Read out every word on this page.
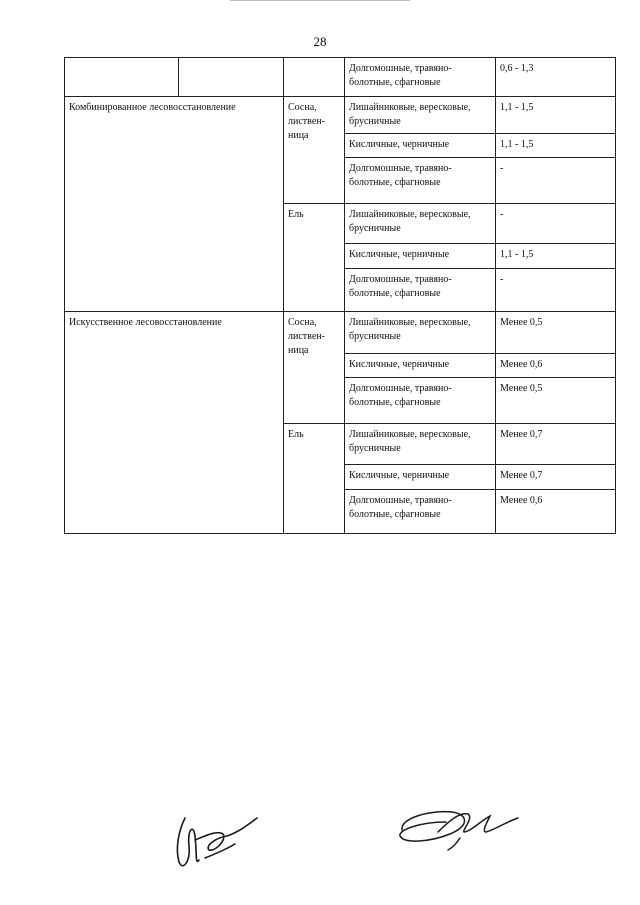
28
			Долгомошные, травяно-болотные, сфагновые	0,6 - 1,3
Комбинированное лесовосстановление		Сосна, листвен-ница	Лишайниковые, вересковые, брусничные	1,1 - 1,5
			Кисличные, черничные	1,1 - 1,5
			Долгомошные, травяно-болотные, сфагновые	-
		Ель	Лишайниковые, вересковые, брусничные	-
			Кисличные, черничные	1,1 - 1,5
			Долгомошные, травяно-болотные, сфагновые	-
Искусственное лесовосстановление		Сосна, листвен-ница	Лишайниковые, вересковые, брусничные	Менее 0,5
			Кисличные, черничные	Менее 0,6
			Долгомошные, травяно-болотные, сфагновые	Менее 0,5
		Ель	Лишайниковые, вересковые, брусничные	Менее 0,7
			Кисличные, черничные	Менее 0,7
			Долгомошные, травяно-болотные, сфагновые	Менее 0,6
